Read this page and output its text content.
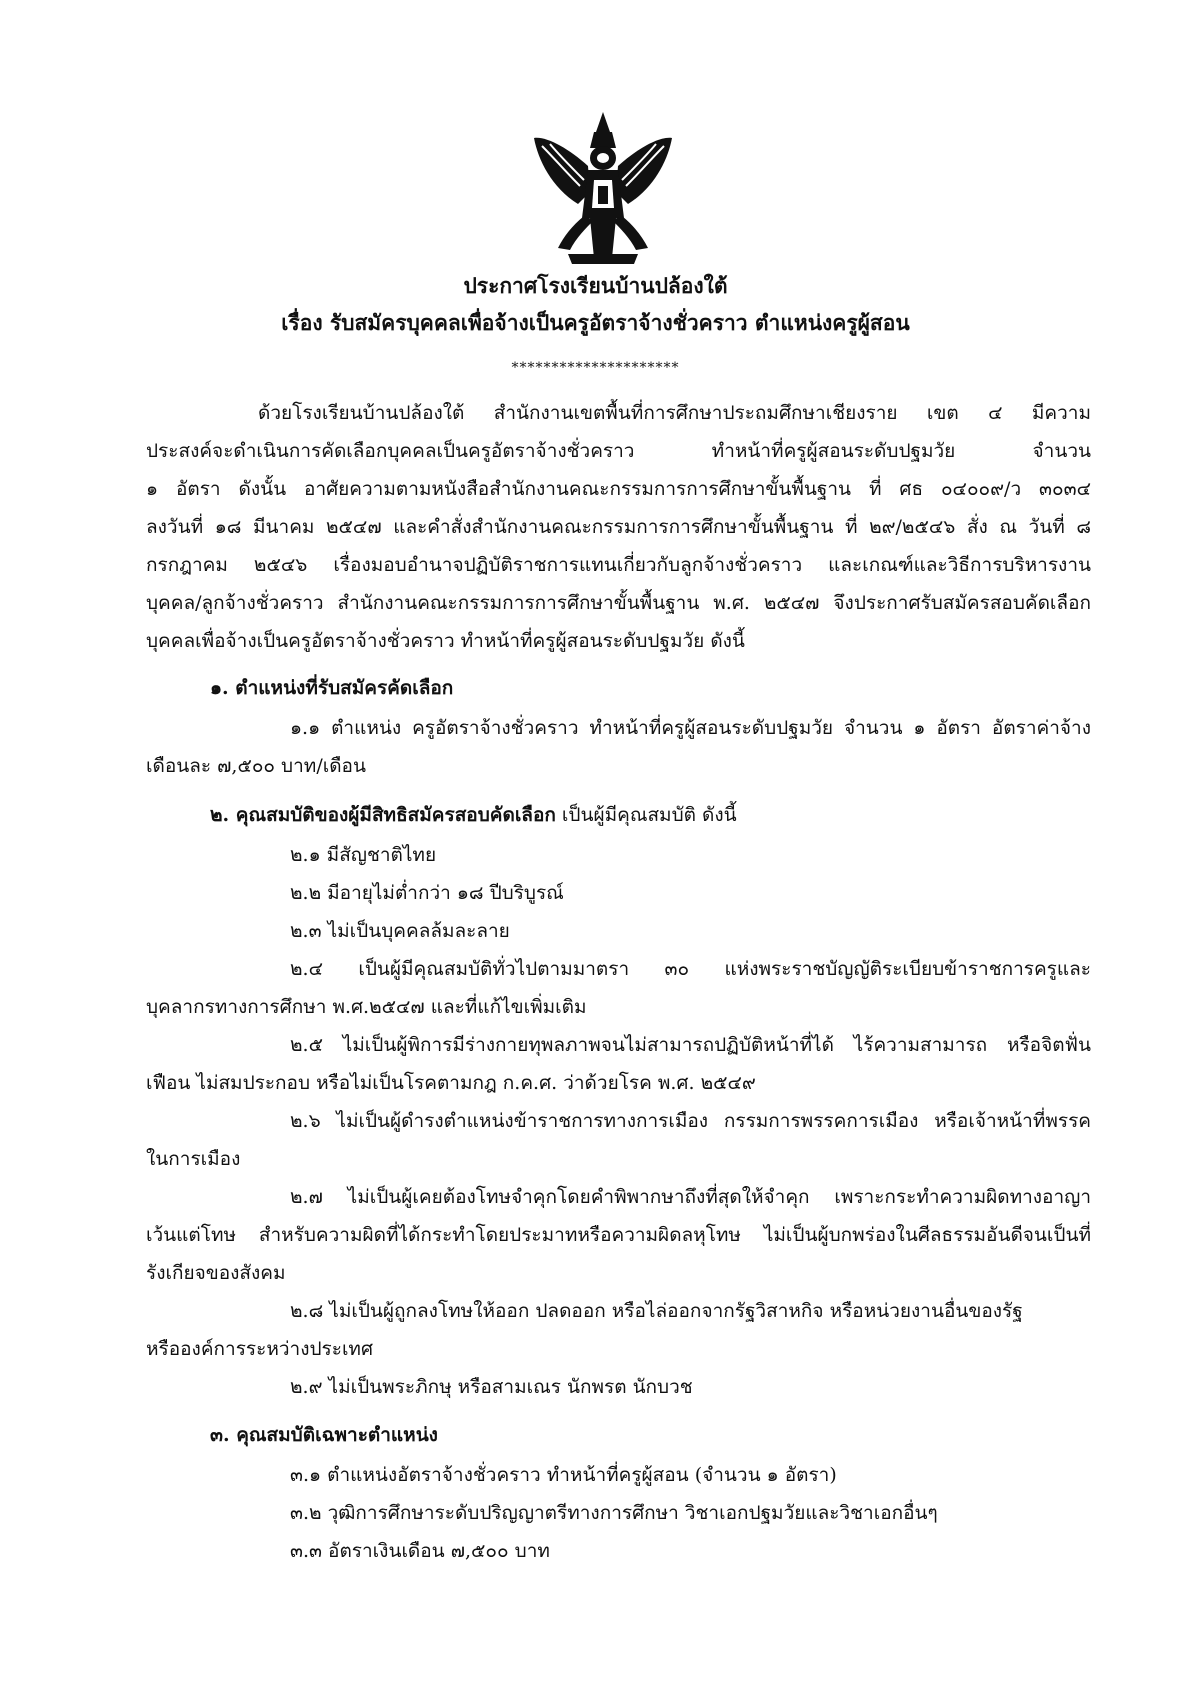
ประกาศโรงเรียนบ้านปล้องใต้
เรื่อง รับสมัครบุคคลเพื่อจ้างเป็นครูอัตราจ้างชั่วคราว ตำแหน่งครูผู้สอน
*********************
ด้วยโรงเรียนบ้านปล้องใต้ สำนักงานเขตพื้นที่การศึกษาประถมศึกษาเชียงราย เขต ๔ มีความ
ประสงค์จะดำเนินการคัดเลือกบุคคลเป็นครูอัตราจ้างชั่วคราว ทำหน้าที่ครูผู้สอนระดับปฐมวัย จำนวน
๑ อัตรา ดังนั้น อาศัยความตามหนังสือสำนักงานคณะกรรมการการศึกษาขั้นพื้นฐาน ที่ ศธ ๐๔๐๐๙/ว ๓๐๓๔
ลงวันที่ ๑๘ มีนาคม ๒๕๔๗ และคำสั่งสำนักงานคณะกรรมการการศึกษาขั้นพื้นฐาน ที่ ๒๙/๒๕๔๖ สั่ง ณ วันที่ ๘
กรกฎาคม ๒๕๔๖ เรื่องมอบอำนาจปฏิบัติราชการแทนเกี่ยวกับลูกจ้างชั่วคราว และเกณฑ์และวิธีการบริหารงาน
บุคคล/ลูกจ้างชั่วคราว สำนักงานคณะกรรมการการศึกษาขั้นพื้นฐาน พ.ศ. ๒๕๔๗ จึงประกาศรับสมัครสอบคัดเลือก
บุคคลเพื่อจ้างเป็นครูอัตราจ้างชั่วคราว ทำหน้าที่ครูผู้สอนระดับปฐมวัย ดังนี้
๑. ตำแหน่งที่รับสมัครคัดเลือก
๑.๑ ตำแหน่ง ครูอัตราจ้างชั่วคราว ทำหน้าที่ครูผู้สอนระดับปฐมวัย จำนวน ๑ อัตรา อัตราค่าจ้าง
เดือนละ ๗,๕๐๐ บาท/เดือน
๒. คุณสมบัติของผู้มีสิทธิสมัครสอบคัดเลือก เป็นผู้มีคุณสมบัติ ดังนี้
๒.๑ มีสัญชาติไทย
๒.๒ มีอายุไม่ต่ำกว่า ๑๘ ปีบริบูรณ์
๒.๓ ไม่เป็นบุคคลล้มละลาย
๒.๔ เป็นผู้มีคุณสมบัติทั่วไปตามมาตรา ๓๐ แห่งพระราชบัญญัติระเบียบข้าราชการครูและ
บุคลากรทางการศึกษา พ.ศ.๒๕๔๗ และที่แก้ไขเพิ่มเติม
๒.๕ ไม่เป็นผู้พิการมีร่างกายทุพลภาพจนไม่สามารถปฏิบัติหน้าที่ได้ ไร้ความสามารถ หรือจิตฟั่น
เฟือน ไม่สมประกอบ หรือไม่เป็นโรคตามกฎ ก.ค.ศ. ว่าด้วยโรค พ.ศ. ๒๕๔๙
๒.๖ ไม่เป็นผู้ดำรงตำแหน่งข้าราชการทางการเมือง กรรมการพรรคการเมือง หรือเจ้าหน้าที่พรรค
ในการเมือง
๒.๗ ไม่เป็นผู้เคยต้องโทษจำคุกโดยคำพิพากษาถึงที่สุดให้จำคุก เพราะกระทำความผิดทางอาญา
เว้นแต่โทษ สำหรับความผิดที่ได้กระทำโดยประมาทหรือความผิดลหุโทษ ไม่เป็นผู้บกพร่องในศีลธรรมอันดีจนเป็นที่
รังเกียจของสังคม
๒.๘ ไม่เป็นผู้ถูกลงโทษให้ออก ปลดออก หรือไล่ออกจากรัฐวิสาหกิจ หรือหน่วยงานอื่นของรัฐ
หรือองค์การระหว่างประเทศ
๒.๙ ไม่เป็นพระภิกษุ หรือสามเณร นักพรต นักบวช
๓. คุณสมบัติเฉพาะตำแหน่ง
๓.๑ ตำแหน่งอัตราจ้างชั่วคราว ทำหน้าที่ครูผู้สอน (จำนวน ๑ อัตรา)
๓.๒ วุฒิการศึกษาระดับปริญญาตรีทางการศึกษา วิชาเอกปฐมวัยและวิชาเอกอื่นๆ
๓.๓ อัตราเงินเดือน ๗,๕๐๐ บาท
